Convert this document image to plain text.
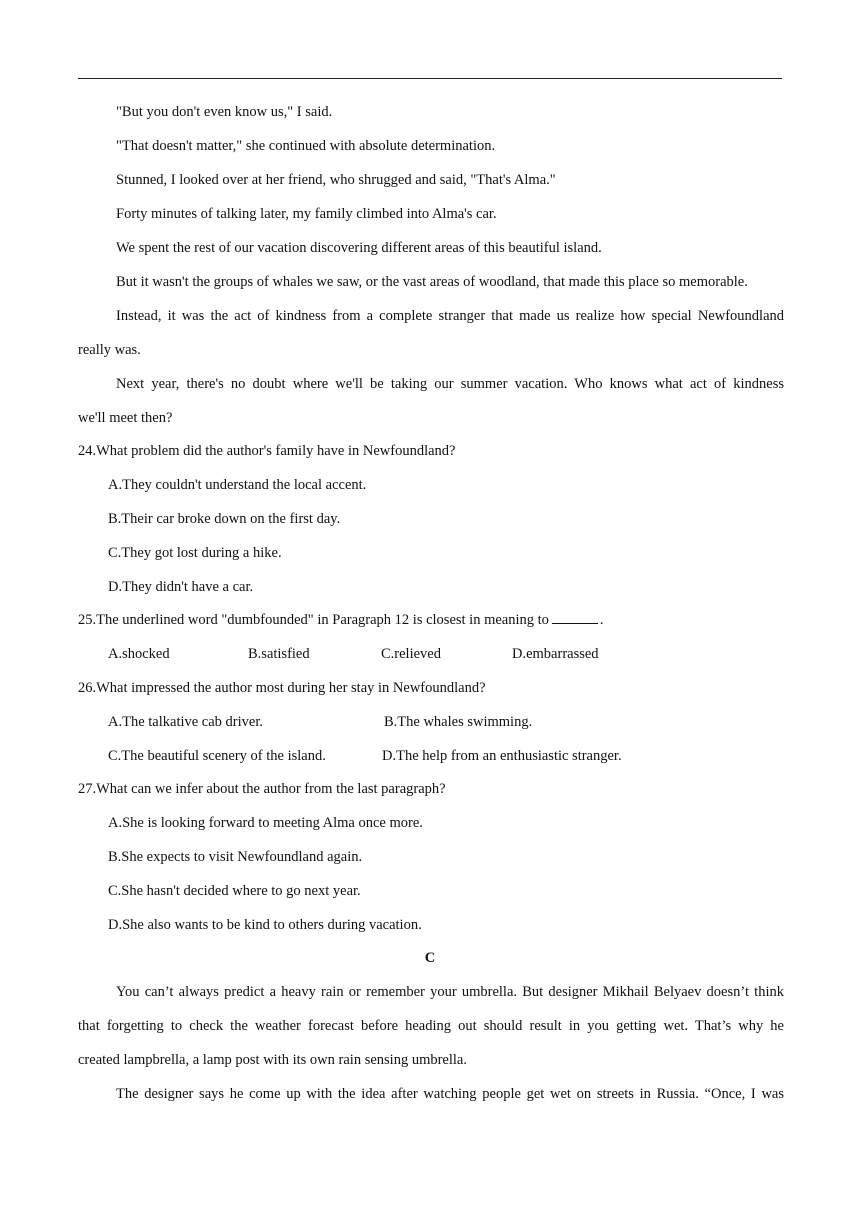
"But you don't even know us," I said.
"That doesn't matter," she continued with absolute determination.
Stunned, I looked over at her friend, who shrugged and said, "That's Alma."
Forty minutes of talking later, my family climbed into Alma's car.
We spent the rest of our vacation discovering different areas of this beautiful island.
But it wasn't the groups of whales we saw, or the vast areas of woodland, that made this place so memorable.
Instead, it was the act of kindness from a complete stranger that made us realize how special Newfoundland
really was.
Next year, there's no doubt where we'll be taking our summer vacation. Who knows what act of kindness
we'll meet then?
24.What problem did the author's family have in Newfoundland?
A.They couldn't understand the local accent.
B.Their car broke down on the first day.
C.They got lost during a hike.
D.They didn't have a car.
25.The underlined word "dumbfounded" in Paragraph 12 is closest in meaning to	.
A.shocked	B.satisfied	C.relieved	D.embarrassed
26.What impressed the author most during her stay in Newfoundland?
A.The talkative cab driver.	B.The whales swimming.
C.The beautiful scenery of the island.	D.The help from an enthusiastic stranger.
27.What can we infer about the author from the last paragraph?
A.She is looking forward to meeting Alma once more.
B.She expects to visit Newfoundland again.
C.She hasn't decided where to go next year.
D.She also wants to be kind to others during vacation.
C
You can’t always predict a heavy rain or remember your umbrella. But designer Mikhail Belyaev doesn’t think
that forgetting to check the weather forecast before heading out should result in you getting wet. That’s why he
created lampbrella, a lamp post with its own rain sensing umbrella.
The designer says he come up with the idea after watching people get wet on streets in Russia. “Once, I was
